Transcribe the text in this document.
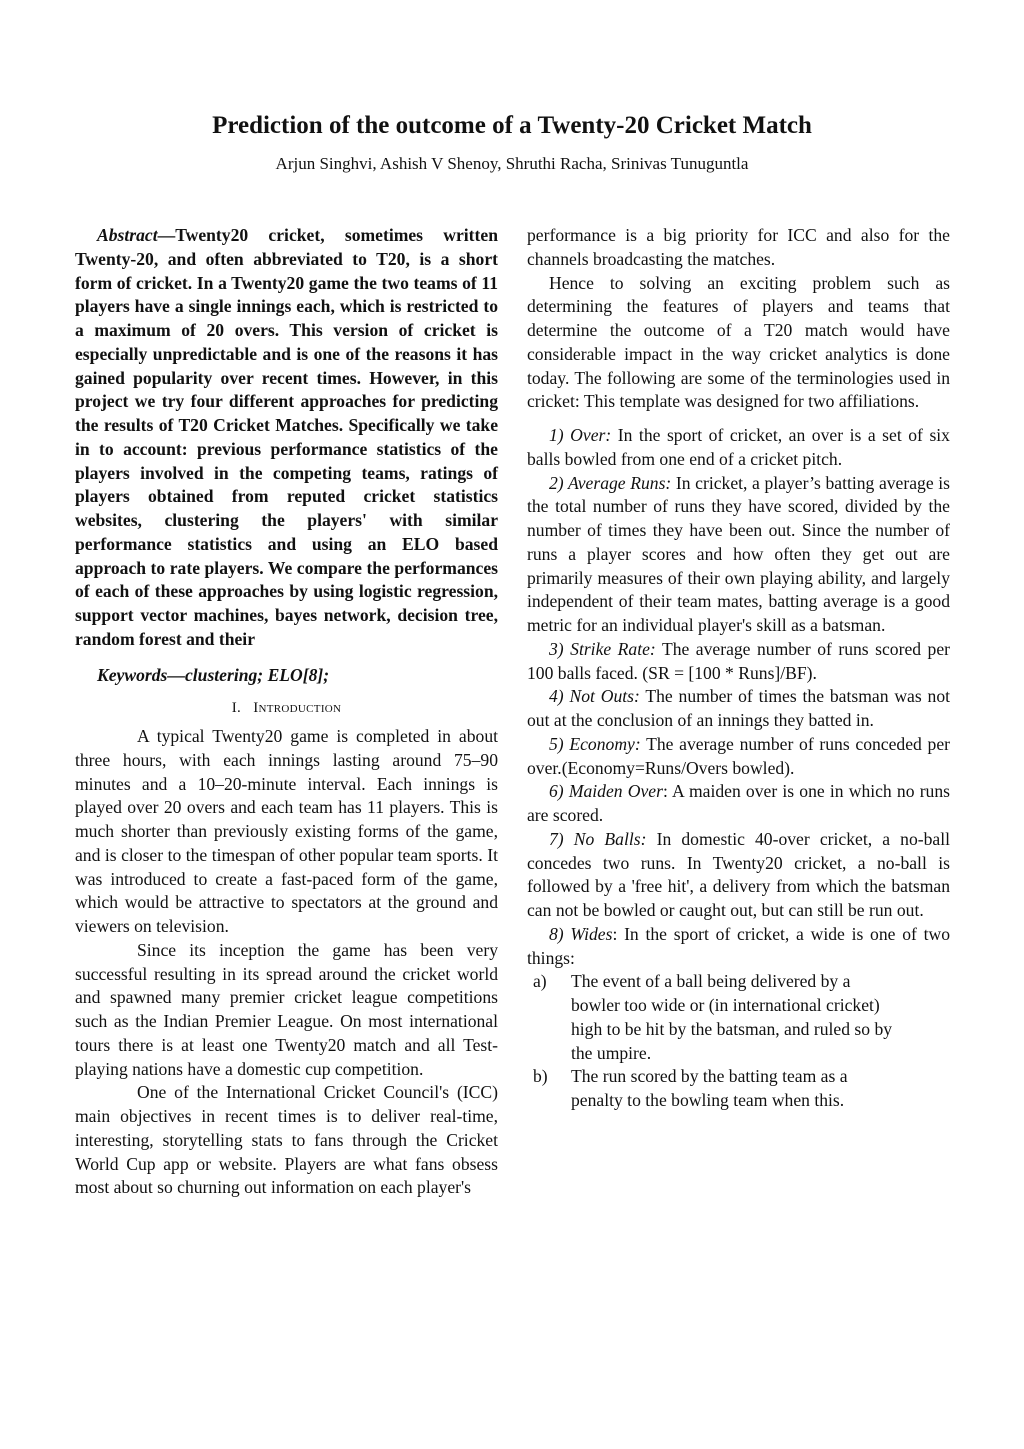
Prediction of the outcome of a Twenty-20 Cricket Match
Arjun Singhvi, Ashish V Shenoy, Shruthi Racha, Srinivas Tunuguntla

Abstract—Twenty20 cricket, sometimes written Twenty-20, and often abbreviated to T20, is a short form of cricket. In a Twenty20 game the two teams of 11 players have a single innings each, which is restricted to a maximum of 20 overs. This version of cricket is especially unpredictable and is one of the reasons it has gained popularity over recent times. However, in this project we try four different approaches for predicting the results of T20 Cricket Matches. Specifically we take in to account: previous performance statistics of the players involved in the competing teams, ratings of players obtained from reputed cricket statistics websites, clustering the players' with similar performance statistics and using an ELO based approach to rate players. We compare the performances of each of these approaches by using logistic regression, support vector machines, bayes network, decision tree, random forest and their

Keywords—clustering; ELO[8];

I. Introduction

A typical Twenty20 game is completed in about three hours, with each innings lasting around 75–90 minutes and a 10–20-minute interval. Each innings is played over 20 overs and each team has 11 players. This is much shorter than previously existing forms of the game, and is closer to the timespan of other popular team sports. It was introduced to create a fast-paced form of the game, which would be attractive to spectators at the ground and viewers on television.

Since its inception the game has been very successful resulting in its spread around the cricket world and spawned many premier cricket league competitions such as the Indian Premier League. On most international tours there is at least one Twenty20 match and all Test-playing nations have a domestic cup competition.

One of the International Cricket Council's (ICC) main objectives in recent times is to deliver real-time, interesting, storytelling stats to fans through the Cricket World Cup app or website. Players are what fans obsess most about so churning out information on each player's

performance is a big priority for ICC and also for the channels broadcasting the matches.

Hence to solving an exciting problem such as determining the features of players and teams that determine the outcome of a T20 match would have considerable impact in the way cricket analytics is done today. The following are some of the terminologies used in cricket: This template was designed for two affiliations.

1) Over: In the sport of cricket, an over is a set of six balls bowled from one end of a cricket pitch.

2) Average Runs: In cricket, a player’s batting average is the total number of runs they have scored, divided by the number of times they have been out. Since the number of runs a player scores and how often they get out are primarily measures of their own playing ability, and largely independent of their team mates, batting average is a good metric for an individual player's skill as a batsman.

3) Strike Rate: The average number of runs scored per 100 balls faced. (SR = [100 * Runs]/BF).

4) Not Outs: The number of times the batsman was not out at the conclusion of an innings they batted in.

5) Economy: The average number of runs conceded per over.(Economy=Runs/Overs bowled).

6) Maiden Over: A maiden over is one in which no runs are scored.

7) No Balls: In domestic 40-over cricket, a no-ball concedes two runs. In Twenty20 cricket, a no-ball is followed by a 'free hit', a delivery from which the batsman can not be bowled or caught out, but can still be run out.

8) Wides: In the sport of cricket, a wide is one of two things:

a)	The event of a ball being delivered by a bowler too wide or (in international cricket) high to be hit by the batsman, and ruled so by the umpire.
b)	The run scored by the batting team as a penalty to the bowling team when this.
